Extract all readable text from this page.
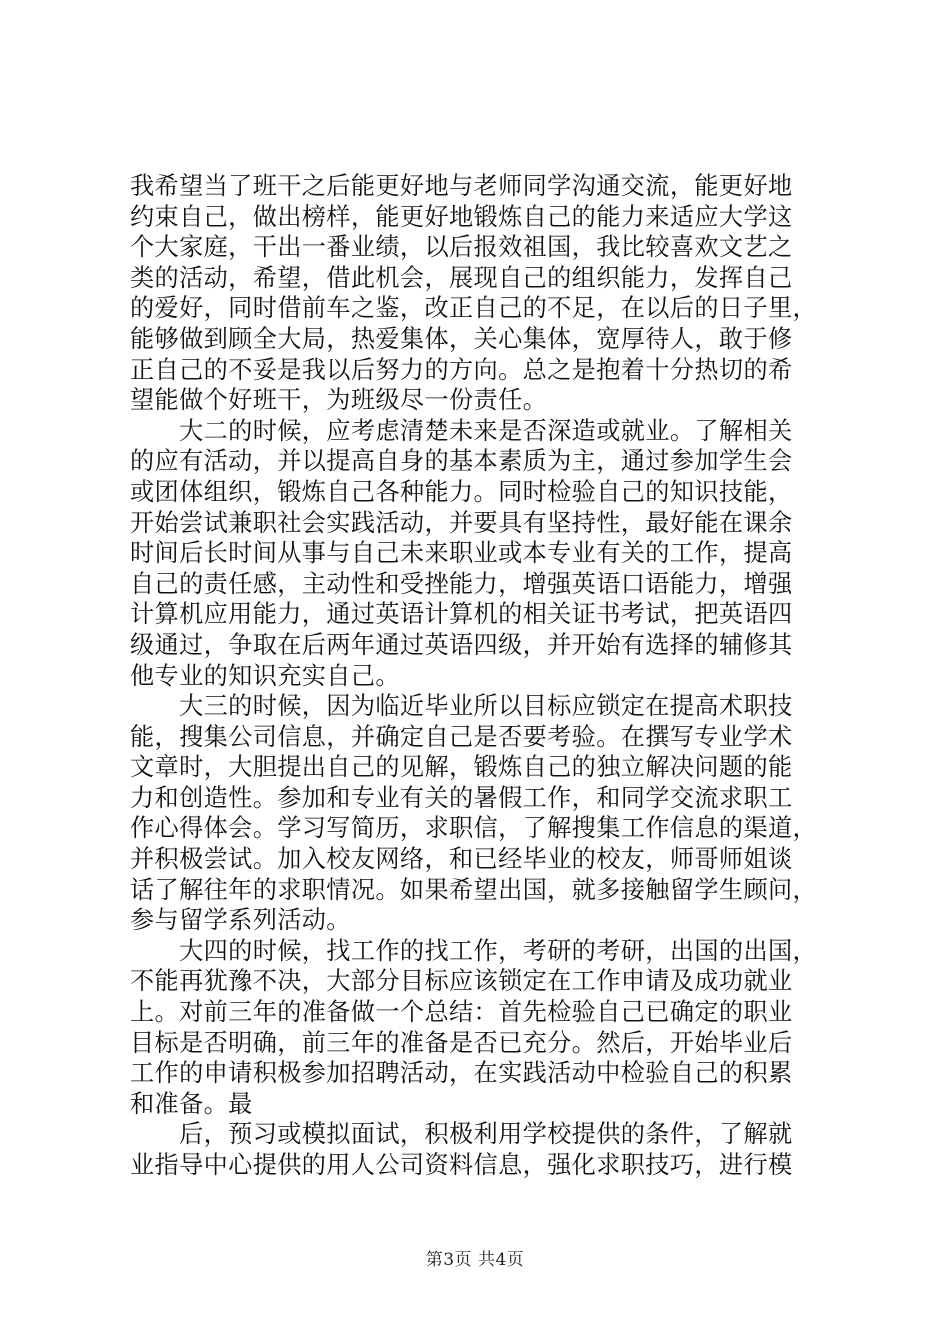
我希望当了班干之后能更好地与老师同学沟通交流，能更好地
约束自己，做出榜样，能更好地锻炼自己的能力来适应大学这
个大家庭，干出一番业绩，以后报效祖国，我比较喜欢文艺之
类的活动，希望，借此机会，展现自己的组织能力，发挥自己
的爱好，同时借前车之鉴，改正自己的不足，在以后的日子里，
能够做到顾全大局，热爱集体，关心集体，宽厚待人，敢于修
正自己的不妥是我以后努力的方向。总之是抱着十分热切的希
望能做个好班干，为班级尽一份责任。
　　大二的时候，应考虑清楚未来是否深造或就业。了解相关
的应有活动，并以提高自身的基本素质为主，通过参加学生会
或团体组织，锻炼自己各种能力。同时检验自己的知识技能，
开始尝试兼职社会实践活动，并要具有坚持性，最好能在课余
时间后长时间从事与自己未来职业或本专业有关的工作，提高
自己的责任感，主动性和受挫能力，增强英语口语能力，增强
计算机应用能力，通过英语计算机的相关证书考试，把英语四
级通过，争取在后两年通过英语四级，并开始有选择的辅修其
他专业的知识充实自己。
　　大三的时候，因为临近毕业所以目标应锁定在提高术职技
能，搜集公司信息，并确定自己是否要考验。在撰写专业学术
文章时，大胆提出自己的见解，锻炼自己的独立解决问题的能
力和创造性。参加和专业有关的暑假工作，和同学交流求职工
作心得体会。学习写简历，求职信，了解搜集工作信息的渠道，
并积极尝试。加入校友网络，和已经毕业的校友，师哥师姐谈
话了解往年的求职情况。如果希望出国，就多接触留学生顾问，
参与留学系列活动。
　　大四的时候，找工作的找工作，考研的考研，出国的出国，
不能再犹豫不决，大部分目标应该锁定在工作申请及成功就业
上。对前三年的准备做一个总结：首先检验自己已确定的职业
目标是否明确，前三年的准备是否已充分。然后，开始毕业后
工作的申请积极参加招聘活动，在实践活动中检验自己的积累
和准备。最
　　后，预习或模拟面试，积极利用学校提供的条件，了解就
业指导中心提供的用人公司资料信息，强化求职技巧，进行模
第3页 共4页
